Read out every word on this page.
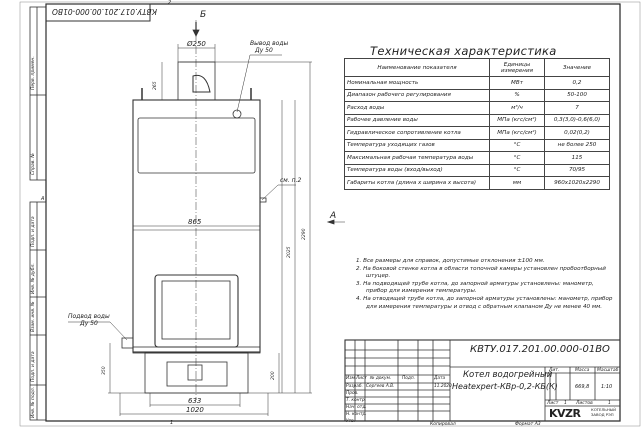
КВТУ.017.201.00.000-01ВО	Б
А
2
1
А
Вывод воды
Ду 50
Подвод воды
Ду 50
см. п.2
Ø250
265
865
2290
2025
200
350
633
1020
Техническая характеристика
Наименование показателя	Единицы измерения	Значение
Номинальная мощность	МВт	0,2
Диапазон рабочего регулирования	%	50-100
Расход воды	м³/ч	7
Рабочее давление воды	МПа (кгс/см²)	0,3(3,0)-0,6(6,0)
Гидравлическое сопротивление котла	МПа (кгс/см²)	0,02(0,2)
Температура уходящих газов	°С	не более 250
Максимальная рабочая температура воды	°С	115
Температура воды (вход/выход)	°С	70/95
Габариты котла (длина х ширина х высота)	мм	960x1020x2290
1. Все размеры для справок, допустимые отклонения ±100 мм.
2. На боковой стенке котла в области топочной камеры установлен пробоотборный штуцер.
3. На подводящей трубе котла, до запорной арматуры установлены: манометр, прибор для измерения температуры.
4. На отводящей трубе котла, до запорной арматуры установлены: манометр, прибор для измерения температуры и отвод с обратным клапаном Ду не менее 40 мм.
КВТУ.017.201.00.000-01ВО
Котел водогрейный
Heatexpert-КВр-0,2-КБ(К)
Изм. Лист № докум.	Подп.	Дата
Разраб.
Пров.
Т. контр.
Нач. отд.
Н. контр.
Утв.
Сергеев А.В.	11.2020
Лит.	Масса Масштаб
669,8 1:10
Лист 1 Листов	1
KVZR	КОТЕЛЬНЫЙ ЗАВОД РЭП
Копировал	Формат А3
Перв. примен.
Справ. №
Подп. и дата
Инв. № дубл.
Взам. инв. №
Подп. и дата
Инв. № подл.
